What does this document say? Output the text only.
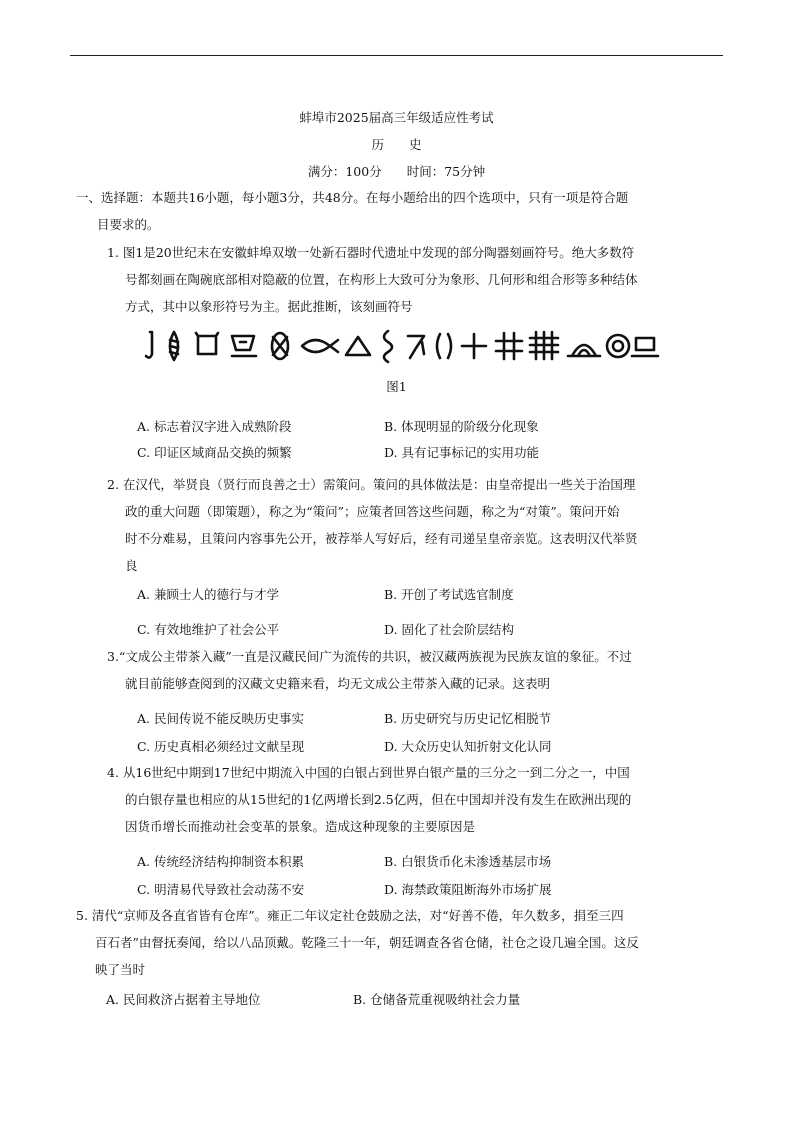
蚌埠市2025届高三年级适应性考试
历　　史
满分：100分　　时间：75分钟
一、选择题：本题共16小题，每小题3分，共48分。在每小题给出的四个选项中，只有一项是符合题
目要求的。
1. 图1是20世纪末在安徽蚌埠双墩一处新石器时代遗址中发现的部分陶器刻画符号。绝大多数符
号都刻画在陶碗底部相对隐蔽的位置，在构形上大致可分为象形、几何形和组合形等多种结体
方式，其中以象形符号为主。据此推断，该刻画符号
图1
A. 标志着汉字进入成熟阶段	B. 体现明显的阶级分化现象
C. 印证区域商品交换的频繁	D. 具有记事标记的实用功能
2. 在汉代，举贤良（贤行而良善之士）需策问。策问的具体做法是：由皇帝提出一些关于治国理
政的重大问题（即策题），称之为“策问”；应策者回答这些问题，称之为“对策”。策问开始
时不分难易，且策问内容事先公开，被荐举人写好后，经有司递呈皇帝亲览。这表明汉代举贤
良
A. 兼顾士人的德行与才学	B. 开创了考试选官制度
C. 有效地维护了社会公平	D. 固化了社会阶层结构
3.“文成公主带茶入藏”一直是汉藏民间广为流传的共识，被汉藏两族视为民族友谊的象征。不过
就目前能够查阅到的汉藏文史籍来看，均无文成公主带茶入藏的记录。这表明
A. 民间传说不能反映历史事实	B. 历史研究与历史记忆相脱节
C. 历史真相必须经过文献呈现	D. 大众历史认知折射文化认同
4. 从16世纪中期到17世纪中期流入中国的白银占到世界白银产量的三分之一到二分之一，中国
的白银存量也相应的从15世纪的1亿两增长到2.5亿两，但在中国却并没有发生在欧洲出现的
因货币增长而推动社会变革的景象。造成这种现象的主要原因是
A. 传统经济结构抑制资本积累	B. 白银货币化未渗透基层市场
C. 明清易代导致社会动荡不安	D. 海禁政策阻断海外市场扩展
5. 清代“京师及各直省皆有仓库”。雍正二年议定社仓鼓励之法，对“好善不倦，年久数多，捐至三四
百石者”由督抚奏闻，给以八品顶戴。乾隆三十一年，朝廷调查各省仓储，社仓之设几遍全国。这反
映了当时
A. 民间救济占据着主导地位	B. 仓储备荒重视吸纳社会力量
